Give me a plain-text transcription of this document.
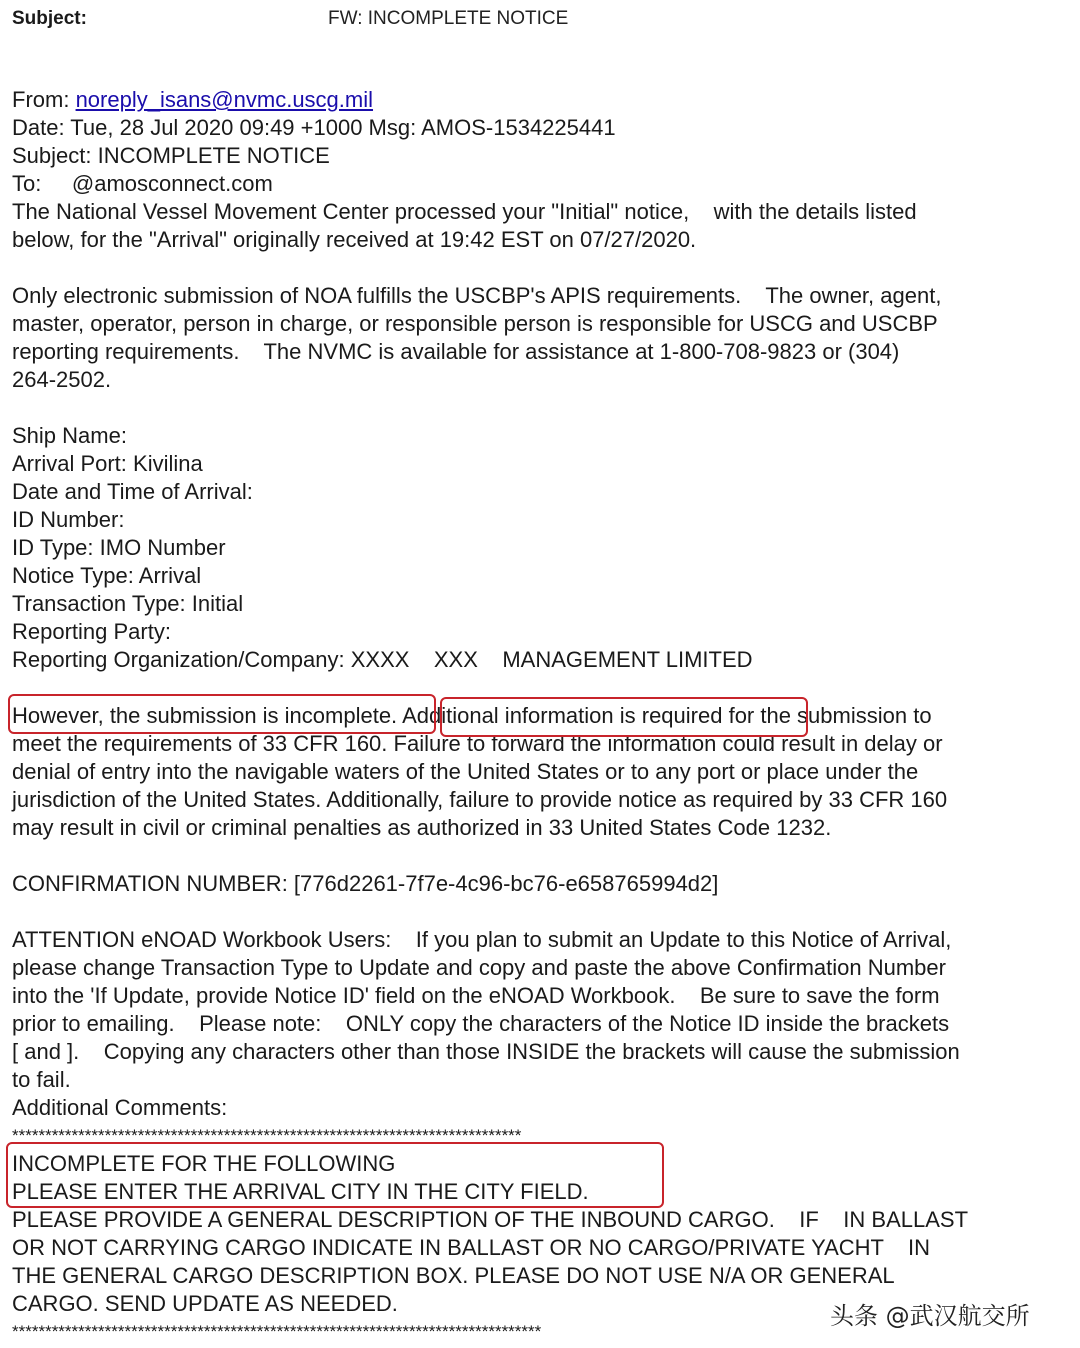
Subject:	FW: INCOMPLETE NOTICE
From: noreply_isans@nvmc.uscg.mil
Date: Tue, 28 Jul 2020 09:49 +1000 Msg: AMOS-1534225441
Subject: INCOMPLETE NOTICE
To:     @amosconnect.com
The National Vessel Movement Center processed your "Initial" notice,    with the details listed
below, for the "Arrival" originally received at 19:42 EST on 07/27/2020.
Only electronic submission of NOA fulfills the USCBP's APIS requirements.    The owner, agent,
master, operator, person in charge, or responsible person is responsible for USCG and USCBP
reporting requirements.    The NVMC is available for assistance at 1-800-708-9823 or (304)
264-2502.
Ship Name:
Arrival Port: Kivilina
Date and Time of Arrival:
ID Number:
ID Type: IMO Number
Notice Type: Arrival
Transaction Type: Initial
Reporting Party:
Reporting Organization/Company: XXXX    XXX    MANAGEMENT LIMITED
However, the submission is incomplete. Additional information is required for the submission to
meet the requirements of 33 CFR 160. Failure to forward the information could result in delay or
denial of entry into the navigable waters of the United States or to any port or place under the
jurisdiction of the United States. Additionally, failure to provide notice as required by 33 CFR 160
may result in civil or criminal penalties as authorized in 33 United States Code 1232.
CONFIRMATION NUMBER: [776d2261-7f7e-4c96-bc76-e658765994d2]
ATTENTION eNOAD Workbook Users:    If you plan to submit an Update to this Notice of Arrival,
please change Transaction Type to Update and copy and paste the above Confirmation Number
into the 'If Update, provide Notice ID' field on the eNOAD Workbook.    Be sure to save the form
prior to emailing.    Please note:    ONLY copy the characters of the Notice ID inside the brackets
[ and ].    Copying any characters other than those INSIDE the brackets will cause the submission
to fail.
Additional Comments:
*****************************************************************************
INCOMPLETE FOR THE FOLLOWING
PLEASE ENTER THE ARRIVAL CITY IN THE CITY FIELD.
PLEASE PROVIDE A GENERAL DESCRIPTION OF THE INBOUND CARGO.    IF    IN BALLAST
OR NOT CARRYING CARGO INDICATE IN BALLAST OR NO CARGO/PRIVATE YACHT    IN
THE GENERAL CARGO DESCRIPTION BOX. PLEASE DO NOT USE N/A OR GENERAL
CARGO. SEND UPDATE AS NEEDED.
********************************************************************************
头条 @武汉航交所
